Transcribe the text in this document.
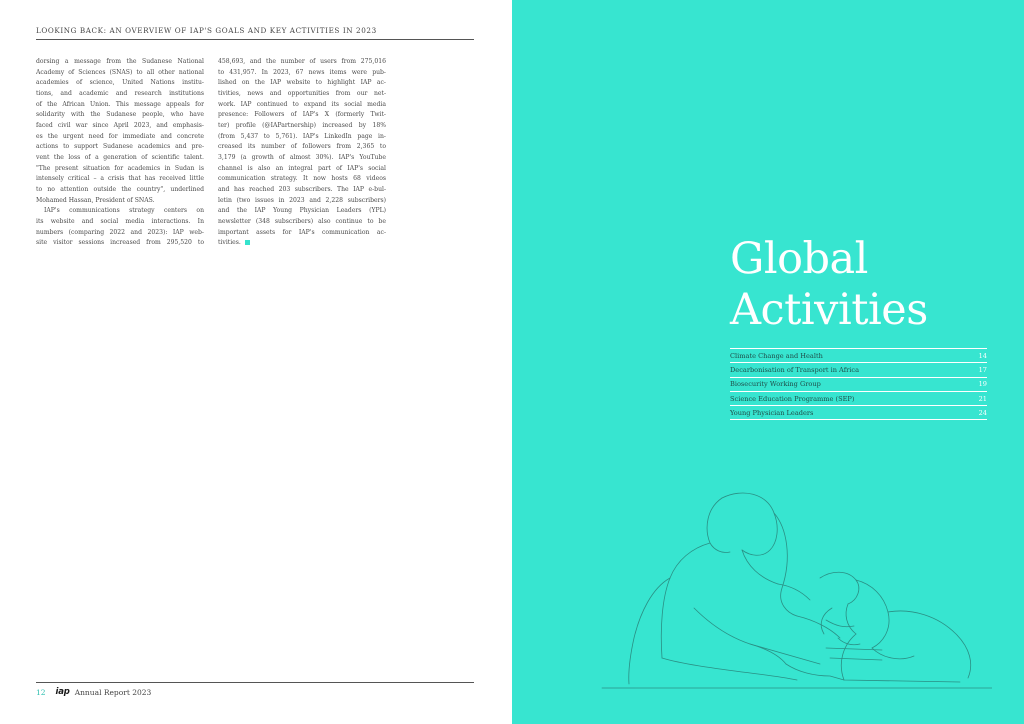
LOOKING BACK: AN OVERVIEW OF IAP'S GOALS AND KEY ACTIVITIES IN 2023
dorsing a message from the Sudanese National
Academy of Sciences (SNAS) to all other national
academies of science, United Nations institu-
tions, and academic and research institutions
of the African Union. This message appeals for
solidarity with the Sudanese people, who have
faced civil war since April 2023, and emphasis-
es the urgent need for immediate and concrete
actions to support Sudanese academics and pre-
vent the loss of a generation of scientific talent.
"The present situation for academics in Sudan is
intensely critical – a crisis that has received little
to no attention outside the country", underlined
Mohamed Hassan, President of SNAS.
IAP's communications strategy centers on
its website and social media interactions. In
numbers (comparing 2022 and 2023): IAP web-
site visitor sessions increased from 295,520 to
458,693, and the number of users from 275,016
to 431,957. In 2023, 67 news items were pub-
lished on the IAP website to highlight IAP ac-
tivities, news and opportunities from our net-
work. IAP continued to expand its social media
presence: Followers of IAP's X (formerly Twit-
ter) profile (@IAPartnership) increased by 18%
(from 5,437 to 5,761). IAP's LinkedIn page in-
creased its number of followers from 2,365 to
3,179 (a growth of almost 30%). IAP's YouTube
channel is also an integral part of IAP's social
communication strategy. It now hosts 68 videos
and has reached 203 subscribers. The IAP e-bul-
letin (two issues in 2023 and 2,228 subscribers)
and the IAP Young Physician Leaders (YPL)
newsletter (348 subscribers) also continue to be
important assets for IAP's communication ac-
tivities.
12 iap Annual Report 2023
Global
Activities
Climate Change and Health	14
Decarbonisation of Transport in Africa	17
Biosecurity Working Group	19
Science Education Programme (SEP)	21
Young Physician Leaders	24
